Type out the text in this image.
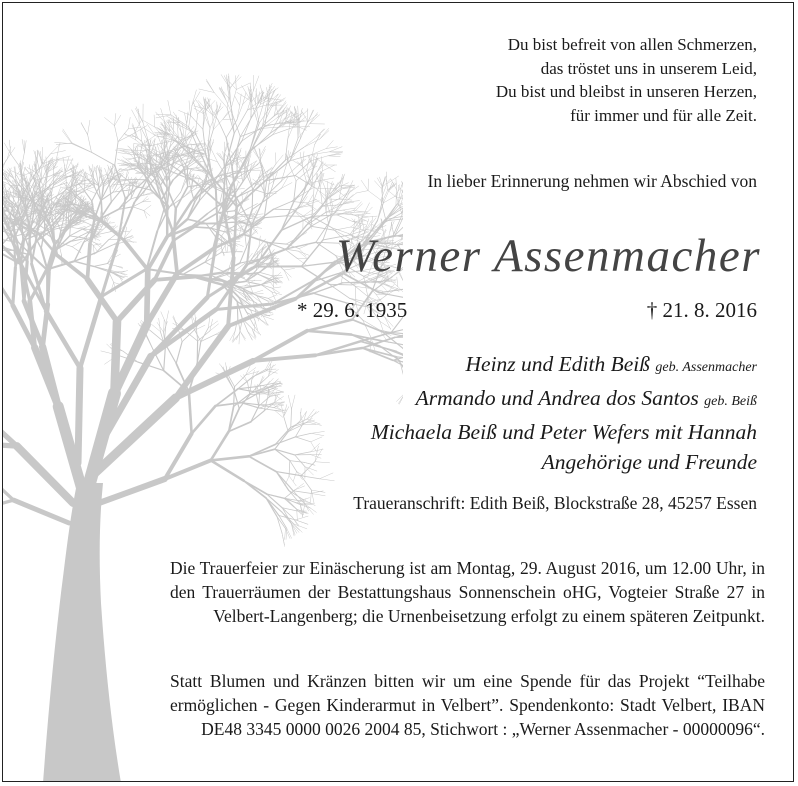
Du bist befreit von allen Schmerzen,
das tröstet uns in unserem Leid,
Du bist und bleibst in unseren Herzen,
für immer und für alle Zeit.
In lieber Erinnerung nehmen wir Abschied von
Werner Assenmacher
* 29. 6. 1935	† 21. 8. 2016
Heinz und Edith Beiß geb. Assenmacher
Armando und Andrea dos Santos geb. Beiß
Michaela Beiß und Peter Wefers mit Hannah
Angehörige und Freunde
Traueranschrift: Edith Beiß, Blockstraße 28, 45257 Essen
Die Trauerfeier zur Einäscherung ist am Montag, 29. August 2016, um 12.00 Uhr, in den Trauerräumen der Bestattungshaus Sonnenschein oHG, Vogteier Straße 27 in Velbert-Langenberg; die Urnenbeisetzung erfolgt zu einem späteren Zeitpunkt.
Statt Blumen und Kränzen bitten wir um eine Spende für das Projekt “Teilhabe ermöglichen - Gegen Kinderarmut in Velbert”. Spendenkonto: Stadt Velbert, IBAN DE48 3345 0000 0026 2004 85, Stichwort : „Werner Assenmacher - 00000096“.
